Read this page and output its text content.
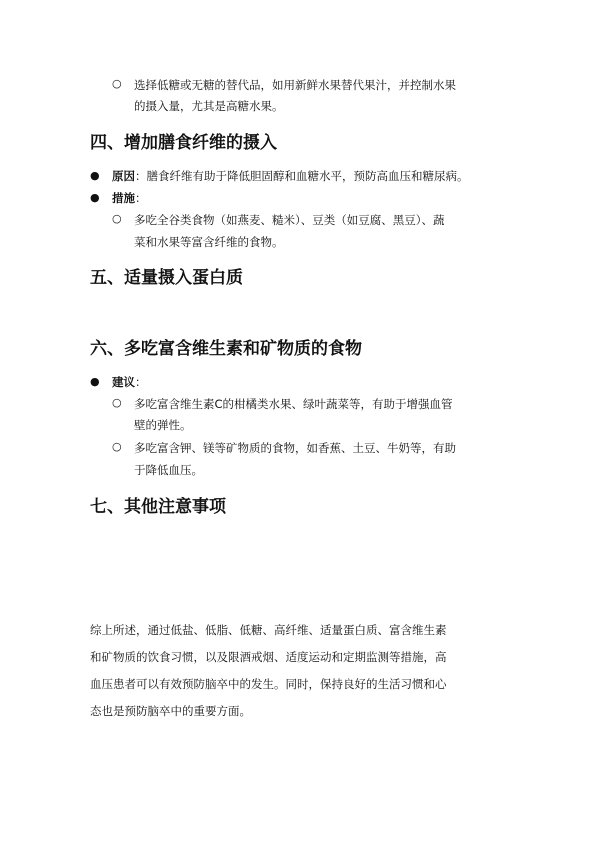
○ 选择低糖或无糖的替代品，如用新鲜水果替代果汁，并控制水果
的摄入量，尤其是高糖水果。
四、增加膳食纤维的摄入
● 原因：膳食纤维有助于降低胆固醇和血糖水平，预防高血压和糖尿病。
● 措施：
○ 多吃全谷类食物（如燕麦、糙米）、豆类（如豆腐、黑豆）、蔬
菜和水果等富含纤维的食物。
五、适量摄入蛋白质
六、多吃富含维生素和矿物质的食物
● 建议：
○ 多吃富含维生素C的柑橘类水果、绿叶蔬菜等，有助于增强血管
壁的弹性。
○ 多吃富含钾、镁等矿物质的食物，如香蕉、土豆、牛奶等，有助
于降低血压。
七、其他注意事项
综上所述，通过低盐、低脂、低糖、高纤维、适量蛋白质、富含维生素
和矿物质的饮食习惯，以及限酒戒烟、适度运动和定期监测等措施，高
血压患者可以有效预防脑卒中的发生。同时，保持良好的生活习惯和心
态也是预防脑卒中的重要方面。
